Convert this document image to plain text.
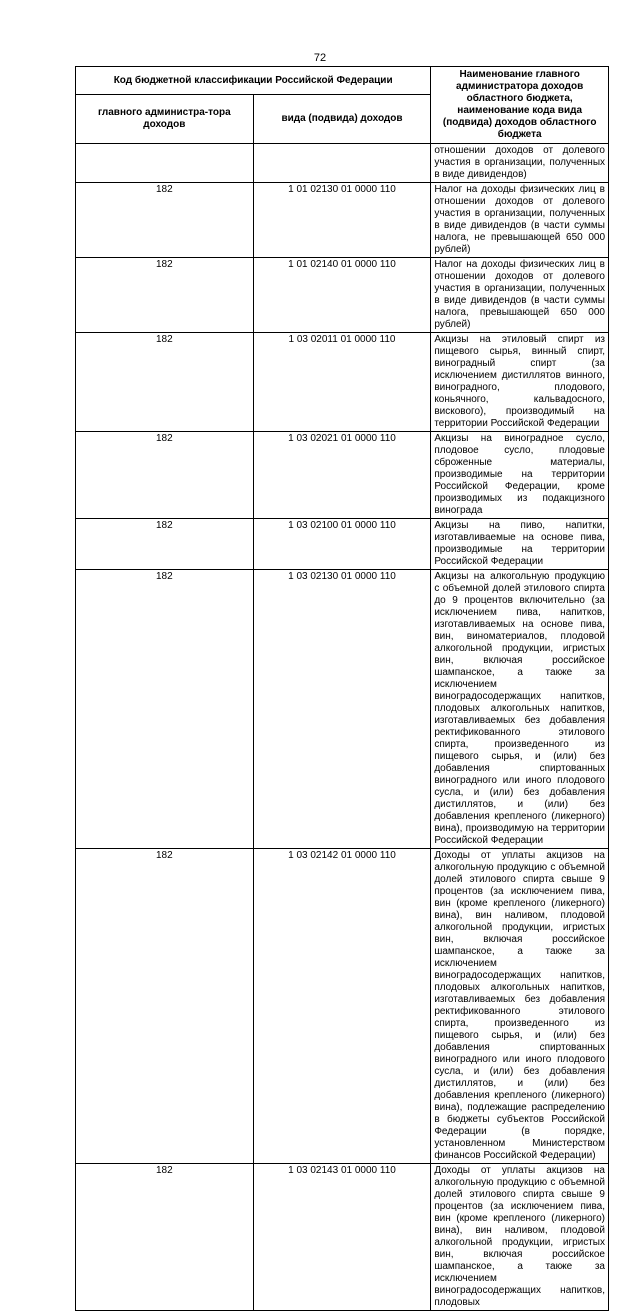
72
Код бюджетной классификации Российской Федерации		Наименование главного администратора доходов областного бюджета, наименование кода вида (подвида) доходов областного бюджета
главного администра-тора доходов	вида (подвида) доходов	
		отношении доходов от долевого участия в организации, полученных в виде дивидендов)
182	1 01 02130 01 0000 110	Налог на доходы физических лиц в отношении доходов от долевого участия в организации, полученных в виде дивидендов (в части суммы налога, не превышающей 650 000 рублей)
182	1 01 02140 01 0000 110	Налог на доходы физических лиц в отношении доходов от долевого участия в организации, полученных в виде дивидендов (в части суммы налога, превышающей 650 000 рублей)
182	1 03 02011 01 0000 110	Акцизы на этиловый спирт из пищевого сырья, винный спирт, виноградный спирт (за исключением дистиллятов винного, виноградного, плодового, коньячного, кальвадосного, вискового), производимый на территории Российской Федерации
182	1 03 02021 01 0000 110	Акцизы на виноградное сусло, плодовое сусло, плодовые сброженные материалы, производимые на территории Российской Федерации, кроме производимых из подакцизного винограда
182	1 03 02100 01 0000 110	Акцизы на пиво, напитки, изготавливаемые на основе пива, производимые на территории Российской Федерации
182	1 03 02130 01 0000 110	Акцизы на алкогольную продукцию с объемной долей этилового спирта до 9 процентов включительно (за исключением пива, напитков, изготавливаемых на основе пива, вин, виноматериалов, плодовой алкогольной продукции, игристых вин, включая российское шампанское, а также за исключением виноградосодержащих напитков, плодовых алкогольных напитков, изготавливаемых без добавления ректификованного этилового спирта, произведенного из пищевого сырья, и (или) без добавления спиртованных виноградного или иного плодового сусла, и (или) без добавления дистиллятов, и (или) без добавления крепленого (ликерного) вина), производимую на территории Российской Федерации
182	1 03 02142 01 0000 110	Доходы от уплаты акцизов на алкогольную продукцию с объемной долей этилового спирта свыше 9 процентов (за исключением пива, вин (кроме крепленого (ликерного) вина), вин наливом, плодовой алкогольной продукции, игристых вин, включая российское шампанское, а также за исключением виноградосодержащих напитков, плодовых алкогольных напитков, изготавливаемых без добавления ректификованного этилового спирта, произведенного из пищевого сырья, и (или) без добавления спиртованных виноградного или иного плодового сусла, и (или) без добавления дистиллятов, и (или) без добавления крепленого (ликерного) вина), подлежащие распределению в бюджеты субъектов Российской Федерации (в порядке, установленном Министерством финансов Российской Федерации)
182	1 03 02143 01 0000 110	Доходы от уплаты акцизов на алкогольную продукцию с объемной долей этилового спирта свыше 9 процентов (за исключением пива, вин (кроме крепленого (ликерного) вина), вин наливом, плодовой алкогольной продукции, игристых вин, включая российское шампанское, а также за исключением виноградосодержащих напитков, плодовых
